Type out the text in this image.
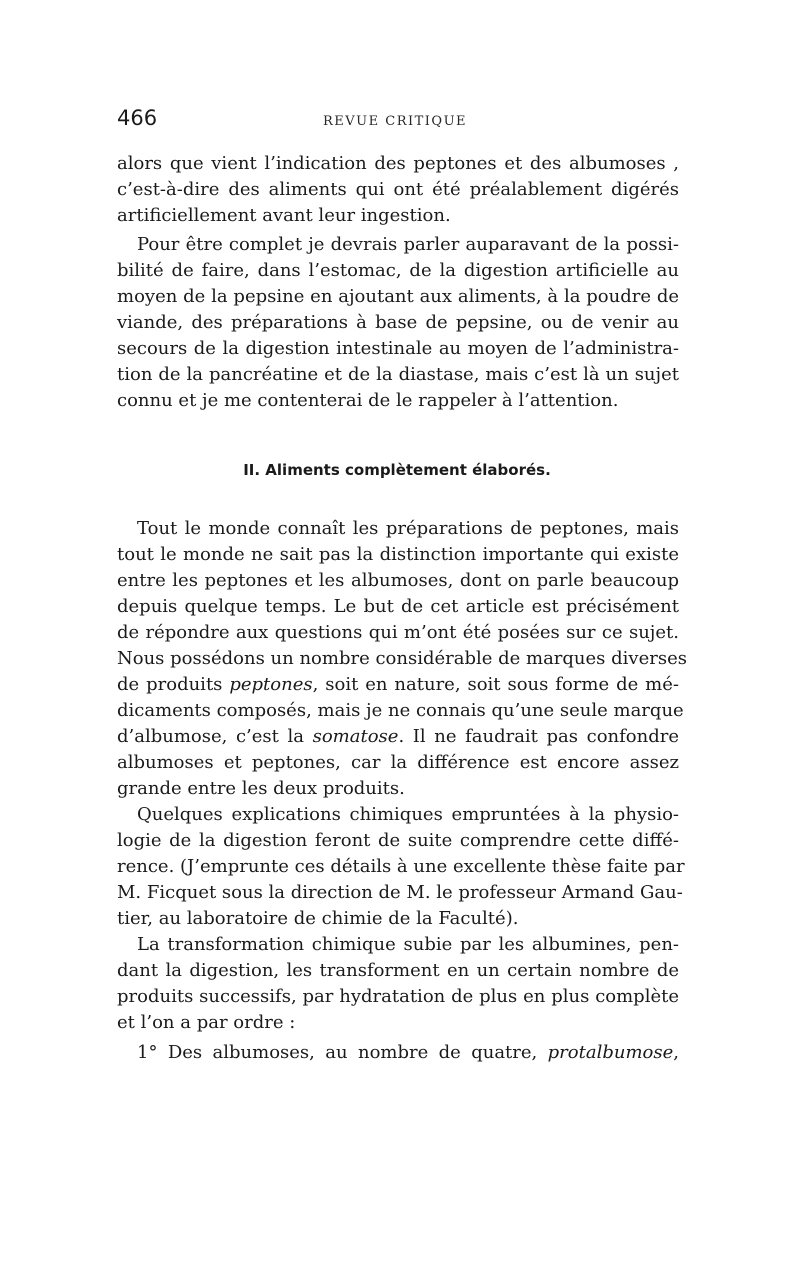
466	REVUE CRITIQUE
alors que vient l’indication des peptones et des albumoses ,
c’est-à-dire des aliments qui ont été préalablement digérés
artificiellement avant leur ingestion.
Pour être complet je devrais parler auparavant de la possi-
bilité de faire, dans l’estomac, de la digestion artificielle au
moyen de la pepsine en ajoutant aux aliments, à la poudre de
viande, des préparations à base de pepsine, ou de venir au
secours de la digestion intestinale au moyen de l’administra-
tion de la pancréatine et de la diastase, mais c’est là un sujet
connu et je me contenterai de le rappeler à l’attention.
II. Aliments complètement élaborés.
Tout le monde connaît les préparations de peptones, mais
tout le monde ne sait pas la distinction importante qui existe
entre les peptones et les albumoses, dont on parle beaucoup
depuis quelque temps. Le but de cet article est précisément
de répondre aux questions qui m’ont été posées sur ce sujet.
Nous possédons un nombre considérable de marques diverses
de produits peptones, soit en nature, soit sous forme de mé-
dicaments composés, mais je ne connais qu’une seule marque
d’albumose, c’est la somatose. Il ne faudrait pas confondre
albumoses et peptones, car la différence est encore assez
grande entre les deux produits.
Quelques explications chimiques empruntées à la physio-
logie de la digestion feront de suite comprendre cette diffé-
rence. (J’emprunte ces détails à une excellente thèse faite par
M. Ficquet sous la direction de M. le professeur Armand Gau-
tier, au laboratoire de chimie de la Faculté).
La transformation chimique subie par les albumines, pen-
dant la digestion, les transforment en un certain nombre de
produits successifs, par hydratation de plus en plus complète
et l’on a par ordre :
1° Des albumoses, au nombre de quatre, protalbumose,
